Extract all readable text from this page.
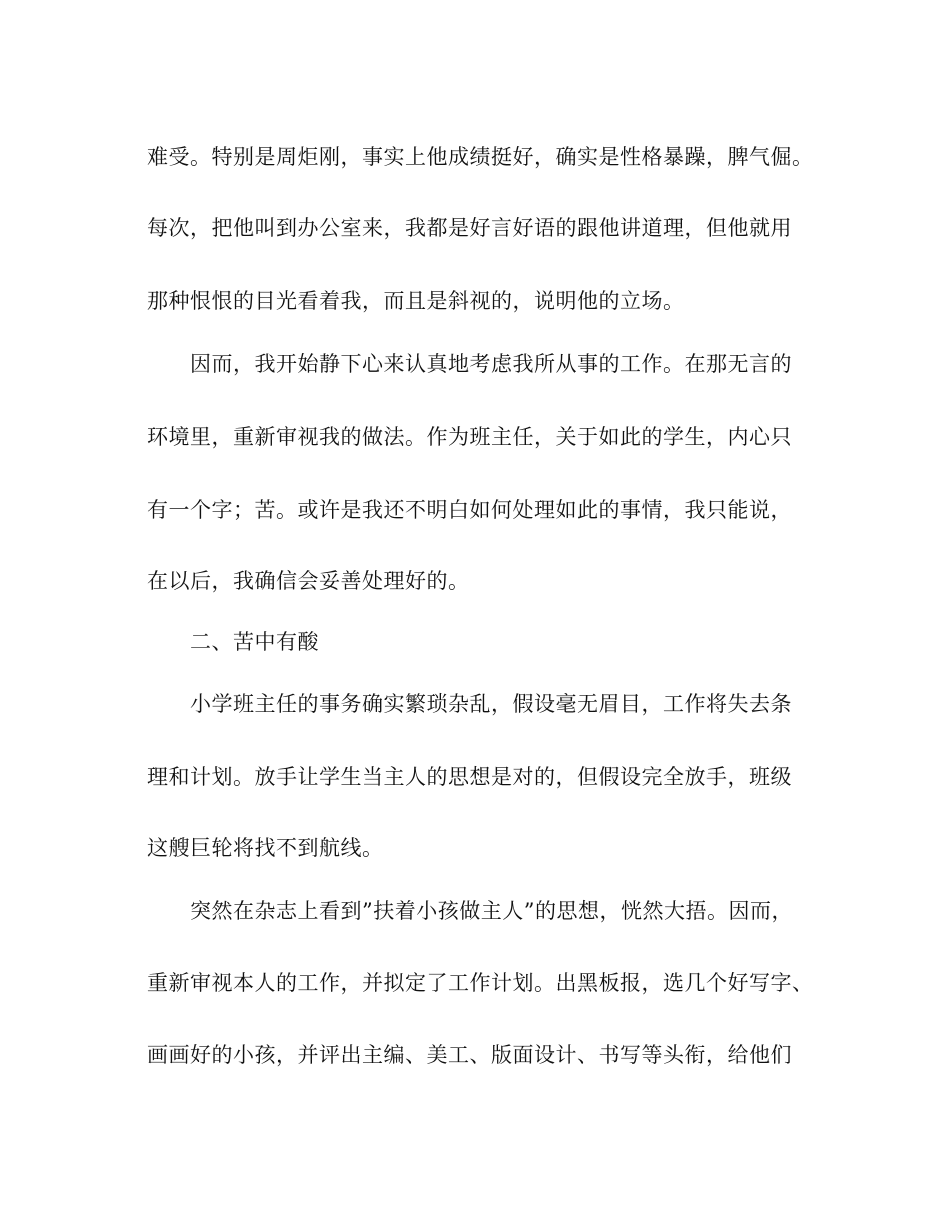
难受。特别是周炬刚，事实上他成绩挺好，确实是性格暴躁，脾气倔。
每次，把他叫到办公室来，我都是好言好语的跟他讲道理，但他就用
那种恨恨的目光看着我，而且是斜视的，说明他的立场。
因而，我开始静下心来认真地考虑我所从事的工作。在那无言的
环境里，重新审视我的做法。作为班主任，关于如此的学生，内心只
有一个字；苦。或许是我还不明白如何处理如此的事情，我只能说，
在以后，我确信会妥善处理好的。
二、苦中有酸
小学班主任的事务确实繁琐杂乱，假设毫无眉目，工作将失去条
理和计划。放手让学生当主人的思想是对的，但假设完全放手，班级
这艘巨轮将找不到航线。
突然在杂志上看到”扶着小孩做主人”的思想，恍然大捂。因而，
重新审视本人的工作，并拟定了工作计划。出黑板报，选几个好写字、
画画好的小孩，并评出主编、美工、版面设计、书写等头衔，给他们
